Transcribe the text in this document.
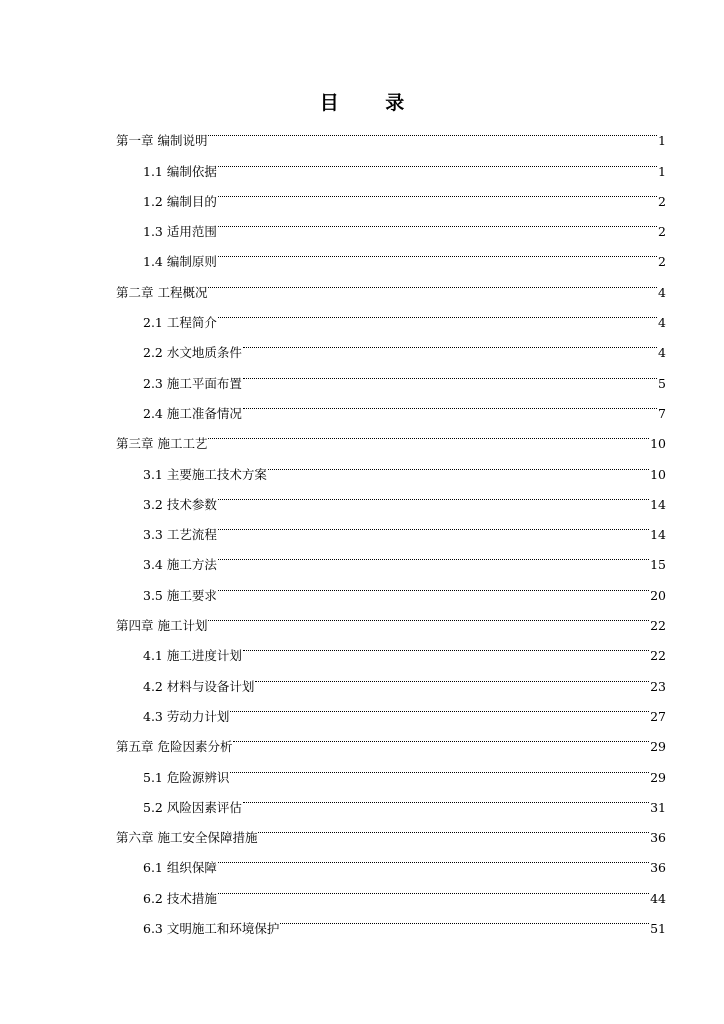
目 录
第一章 编制说明	1
1.1 编制依据	1
1.2 编制目的	2
1.3 适用范围	2
1.4 编制原则	2
第二章 工程概况	4
2.1 工程简介	4
2.2 水文地质条件	4
2.3 施工平面布置	5
2.4 施工准备情况	7
第三章 施工工艺	10
3.1 主要施工技术方案	10
3.2 技术参数	14
3.3 工艺流程	14
3.4 施工方法	15
3.5 施工要求	20
第四章 施工计划	22
4.1 施工进度计划	22
4.2 材料与设备计划	23
4.3 劳动力计划	27
第五章 危险因素分析	29
5.1 危险源辨识	29
5.2 风险因素评估	31
第六章 施工安全保障措施	36
6.1 组织保障	36
6.2 技术措施	44
6.3 文明施工和环境保护	51
